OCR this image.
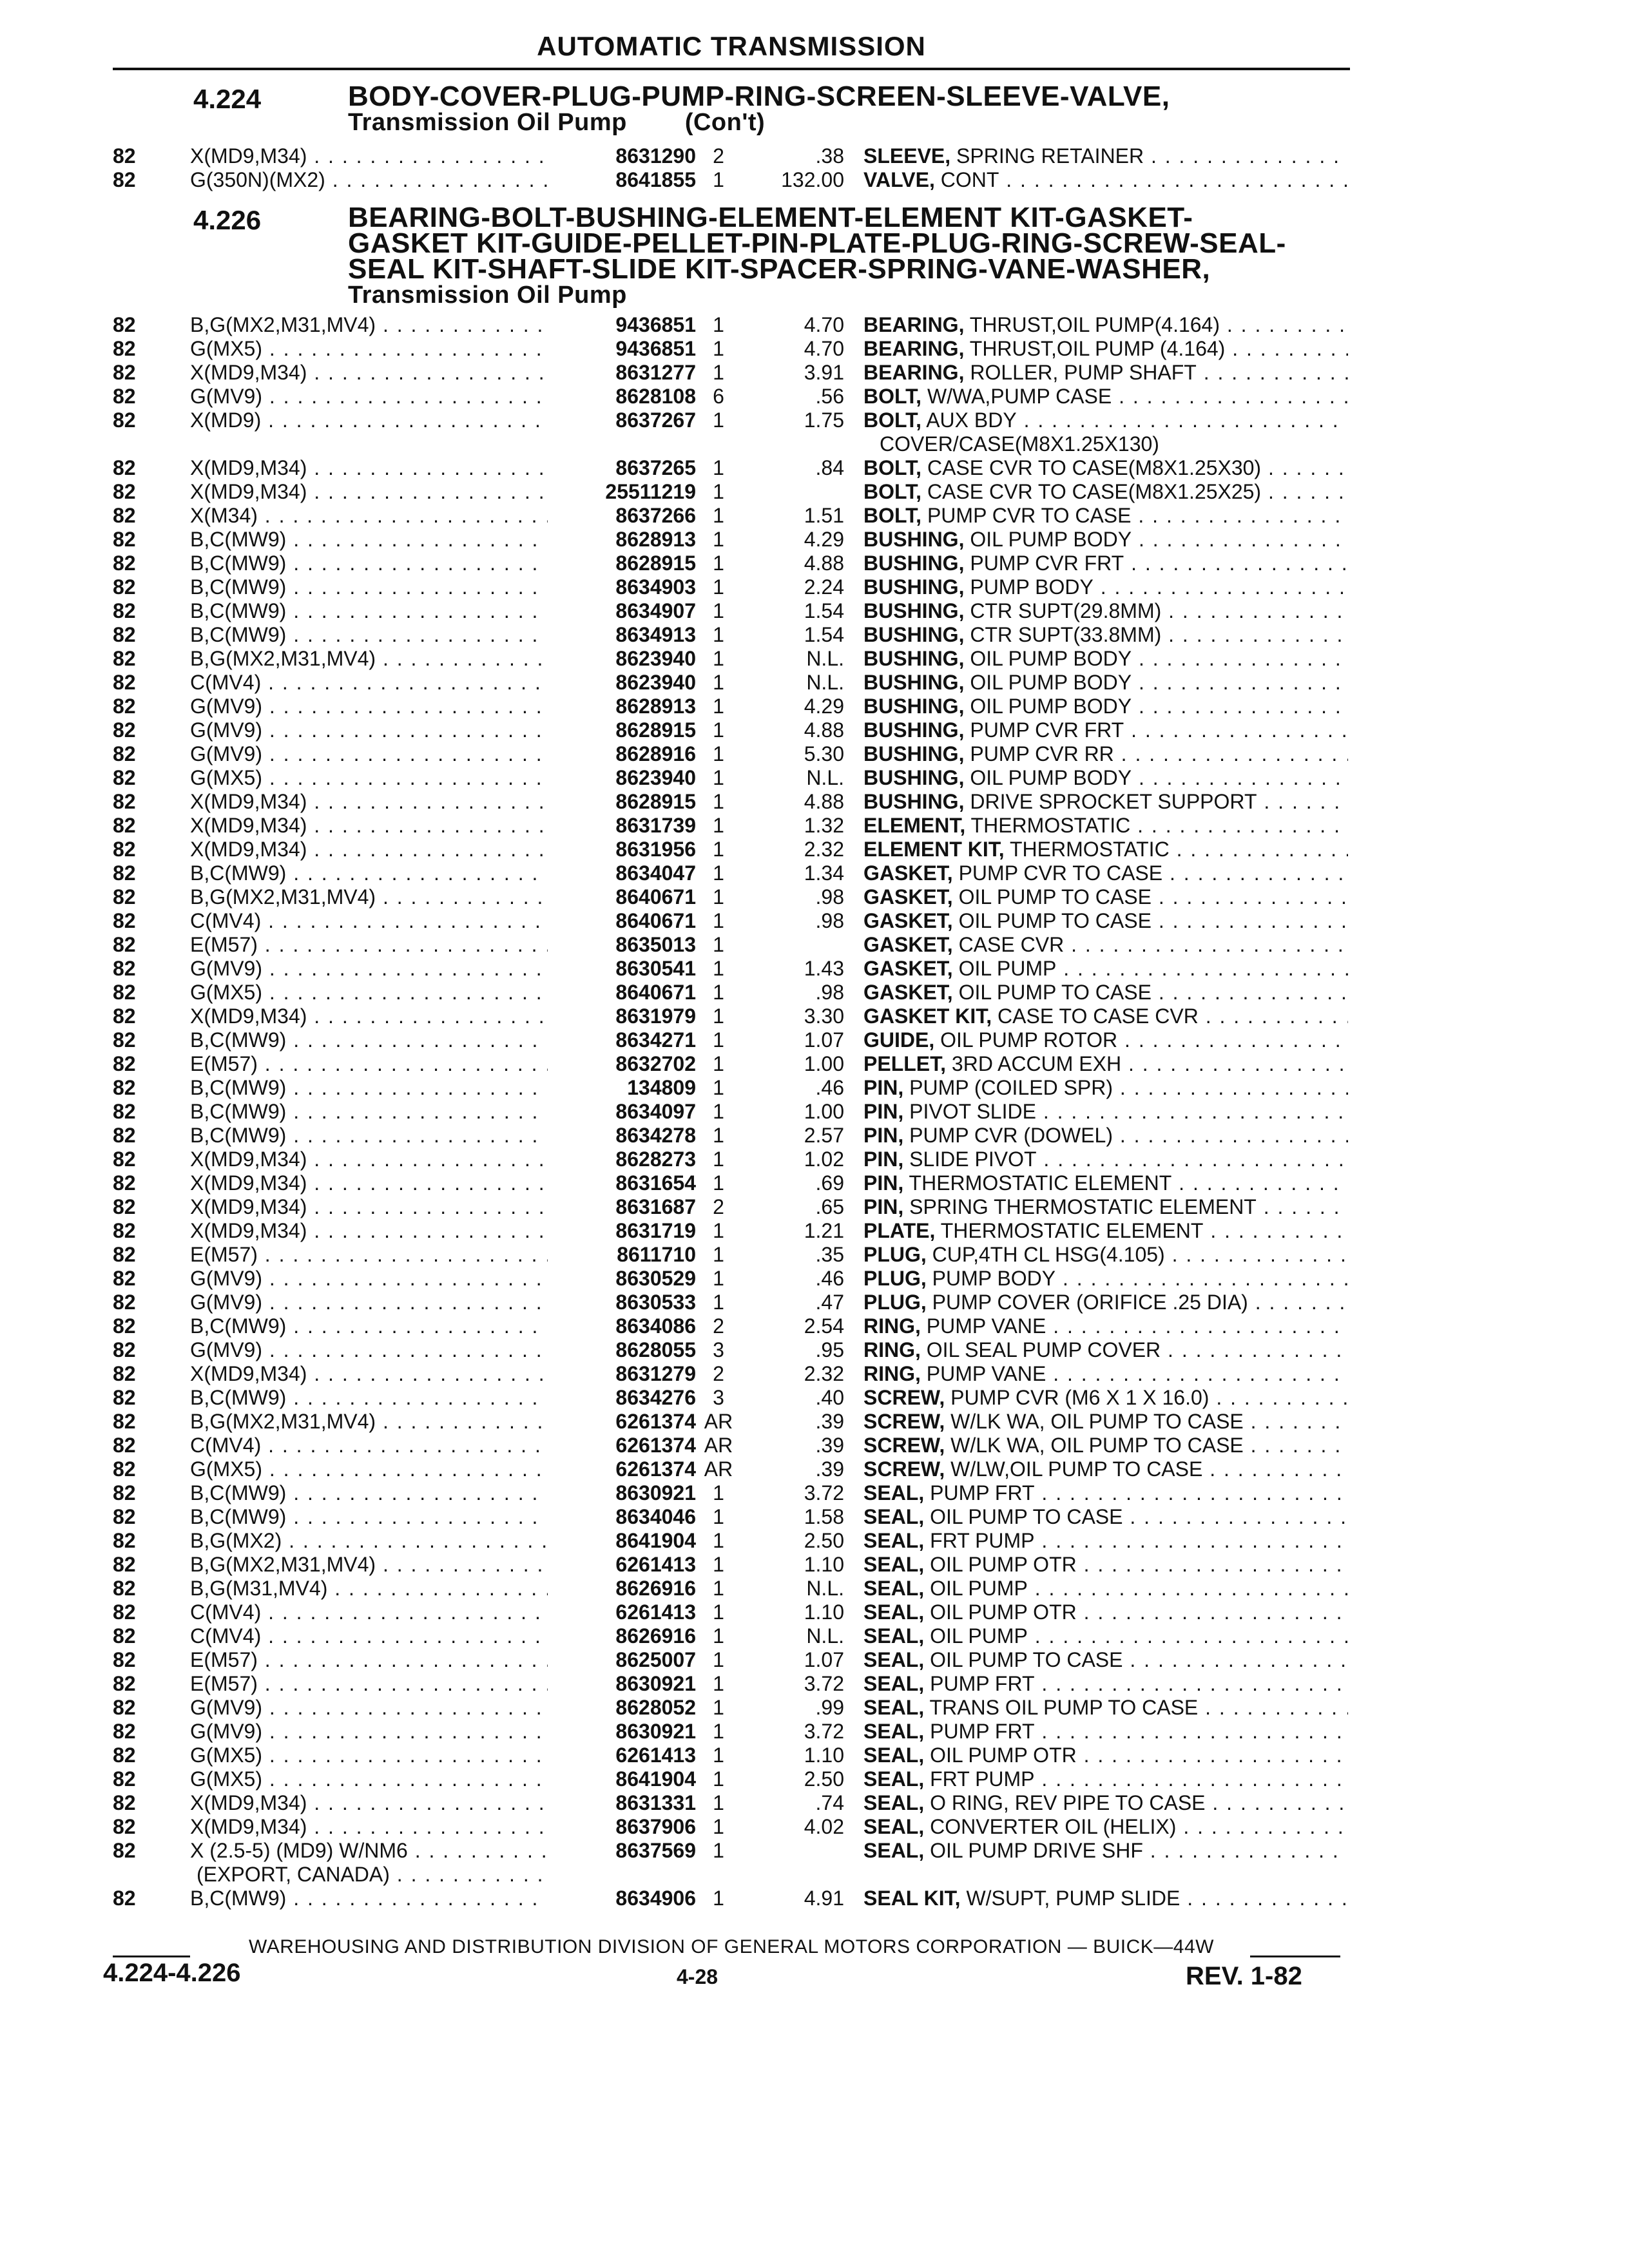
AUTOMATIC TRANSMISSION
4.224	BODY-COVER-PLUG-PUMP-RING-SCREEN-SLEEVE-VALVE,
Transmission Oil Pump (Con't)
82	X(MD9,M34) . . .	8631290 2	.38 SLEEVE, SPRING RETAINER . . .
82	G(350N)(MX2) . . .	8641855 1	132.00 VALVE, CONT . . .
4.226	BEARING-BOLT-BUSHING-ELEMENT-ELEMENT KIT-GASKET-
GASKET KIT-GUIDE-PELLET-PIN-PLATE-PLUG-RING-SCREW-SEAL-
SEAL KIT-SHAFT-SLIDE KIT-SPACER-SPRING-VANE-WASHER,
Transmission Oil Pump
82	B,G(MX2,M31,MV4) . . .	9436851 1	4.70 BEARING, THRUST,OIL PUMP(4.164) . . .
82	G(MX5) . . .	9436851 1	4.70 BEARING, THRUST,OIL PUMP (4.164) . . .
82	X(MD9,M34) . . .	8631277 1	3.91 BEARING, ROLLER, PUMP SHAFT . . .
82	G(MV9) . . .	8628108 6	.56 BOLT, W/WA,PUMP CASE . . .
82	X(MD9) . . .	8637267 1	1.75 BOLT, AUX BDY . . .
COVER/CASE(M8X1.25X130)
82	X(MD9,M34) . . .	8637265 1	.84 BOLT, CASE CVR TO CASE(M8X1.25X30) . . .
82	X(MD9,M34) . . .	25511219 1	BOLT, CASE CVR TO CASE(M8X1.25X25) . . .
82	X(M34) . . .	8637266 1	1.51 BOLT, PUMP CVR TO CASE . . .
82	B,C(MW9) . . .	8628913 1	4.29 BUSHING, OIL PUMP BODY . . .
82	B,C(MW9) . . .	8628915 1	4.88 BUSHING, PUMP CVR FRT . . .
82	B,C(MW9) . . .	8634903 1	2.24 BUSHING, PUMP BODY . . .
82	B,C(MW9) . . .	8634907 1	1.54 BUSHING, CTR SUPT(29.8MM) . . .
82	B,C(MW9) . . .	8634913 1	1.54 BUSHING, CTR SUPT(33.8MM) . . .
82	B,G(MX2,M31,MV4) . . .	8623940 1	N.L. BUSHING, OIL PUMP BODY . . .
82	C(MV4) . . .	8623940 1	N.L. BUSHING, OIL PUMP BODY . . .
82	G(MV9) . . .	8628913 1	4.29 BUSHING, OIL PUMP BODY . . .
82	G(MV9) . . .	8628915 1	4.88 BUSHING, PUMP CVR FRT . . .
82	G(MV9) . . .	8628916 1	5.30 BUSHING, PUMP CVR RR . . .
82	G(MX5) . . .	8623940 1	N.L. BUSHING, OIL PUMP BODY . . .
82	X(MD9,M34) . . .	8628915 1	4.88 BUSHING, DRIVE SPROCKET SUPPORT . . .
82	X(MD9,M34) . . .	8631739 1	1.32 ELEMENT, THERMOSTATIC . . .
82	X(MD9,M34) . . .	8631956 1	2.32 ELEMENT KIT, THERMOSTATIC . . .
82	B,C(MW9) . . .	8634047 1	1.34 GASKET, PUMP CVR TO CASE . . .
82	B,G(MX2,M31,MV4) . . .	8640671 1	.98 GASKET, OIL PUMP TO CASE . . .
82	C(MV4) . . .	8640671 1	.98 GASKET, OIL PUMP TO CASE . . .
82	E(M57) . . .	8635013 1	GASKET, CASE CVR . . .
82	G(MV9) . . .	8630541 1	1.43 GASKET, OIL PUMP . . .
82	G(MX5) . . .	8640671 1	.98 GASKET, OIL PUMP TO CASE . . .
82	X(MD9,M34) . . .	8631979 1	3.30 GASKET KIT, CASE TO CASE CVR . . .
82	B,C(MW9) . . .	8634271 1	1.07 GUIDE, OIL PUMP ROTOR . . .
82	E(M57) . . .	8632702 1	1.00 PELLET, 3RD ACCUM EXH . . .
82	B,C(MW9) . . .	134809 1	.46 PIN, PUMP (COILED SPR) . . .
82	B,C(MW9) . . .	8634097 1	1.00 PIN, PIVOT SLIDE . . .
82	B,C(MW9) . . .	8634278 1	2.57 PIN, PUMP CVR (DOWEL) . . .
82	X(MD9,M34) . . .	8628273 1	1.02 PIN, SLIDE PIVOT . . .
82	X(MD9,M34) . . .	8631654 1	.69 PIN, THERMOSTATIC ELEMENT . . .
82	X(MD9,M34) . . .	8631687 2	.65 PIN, SPRING THERMOSTATIC ELEMENT . . .
82	X(MD9,M34) . . .	8631719 1	1.21 PLATE, THERMOSTATIC ELEMENT . . .
82	E(M57) . . .	8611710 1	.35 PLUG, CUP,4TH CL HSG(4.105) . . .
82	G(MV9) . . .	8630529 1	.46 PLUG, PUMP BODY . . .
82	G(MV9) . . .	8630533 1	.47 PLUG, PUMP COVER (ORIFICE .25 DIA) . . .
82	B,C(MW9) . . .	8634086 2	2.54 RING, PUMP VANE . . .
82	G(MV9) . . .	8628055 3	.95 RING, OIL SEAL PUMP COVER . . .
82	X(MD9,M34) . . .	8631279 2	2.32 RING, PUMP VANE . . .
82	B,C(MW9) . . .	8634276 3	.40 SCREW, PUMP CVR (M6 X 1 X 16.0) . . .
82	B,G(MX2,M31,MV4) . . .	6261374 AR	.39 SCREW, W/LK WA, OIL PUMP TO CASE . . .
82	C(MV4) . . .	6261374 AR	.39 SCREW, W/LK WA, OIL PUMP TO CASE . . .
82	G(MX5) . . .	6261374 AR	.39 SCREW, W/LW,OIL PUMP TO CASE . . .
82	B,C(MW9) . . .	8630921 1	3.72 SEAL, PUMP FRT . . .
82	B,C(MW9) . . .	8634046 1	1.58 SEAL, OIL PUMP TO CASE . . .
82	B,G(MX2) . . .	8641904 1	2.50 SEAL, FRT PUMP . . .
82	B,G(MX2,M31,MV4) . . .	6261413 1	1.10 SEAL, OIL PUMP OTR . . .
82	B,G(M31,MV4) . . .	8626916 1	N.L. SEAL, OIL PUMP . . .
82	C(MV4) . . .	6261413 1	1.10 SEAL, OIL PUMP OTR . . .
82	C(MV4) . . .	8626916 1	N.L. SEAL, OIL PUMP . . .
82	E(M57) . . .	8625007 1	1.07 SEAL, OIL PUMP TO CASE . . .
82	E(M57) . . .	8630921 1	3.72 SEAL, PUMP FRT . . .
82	G(MV9) . . .	8628052 1	.99 SEAL, TRANS OIL PUMP TO CASE . . .
82	G(MV9) . . .	8630921 1	3.72 SEAL, PUMP FRT . . .
82	G(MX5) . . .	6261413 1	1.10 SEAL, OIL PUMP OTR . . .
82	G(MX5) . . .	8641904 1	2.50 SEAL, FRT PUMP . . .
82	X(MD9,M34) . . .	8631331 1	.74 SEAL, O RING, REV PIPE TO CASE . . .
82	X(MD9,M34) . . .	8637906 1	4.02 SEAL, CONVERTER OIL (HELIX) . . .
82	X (2.5-5) (MD9) W/NM6 . . .	8637569 1	SEAL, OIL PUMP DRIVE SHF . . .
(EXPORT, CANADA) . . .
82	B,C(MW9) . . .	8634906 1	4.91 SEAL KIT, W/SUPT, PUMP SLIDE . . .
WAREHOUSING AND DISTRIBUTION DIVISION OF GENERAL MOTORS CORPORATION — BUICK—44W
4.224-4.226	4-28	REV. 1-82
